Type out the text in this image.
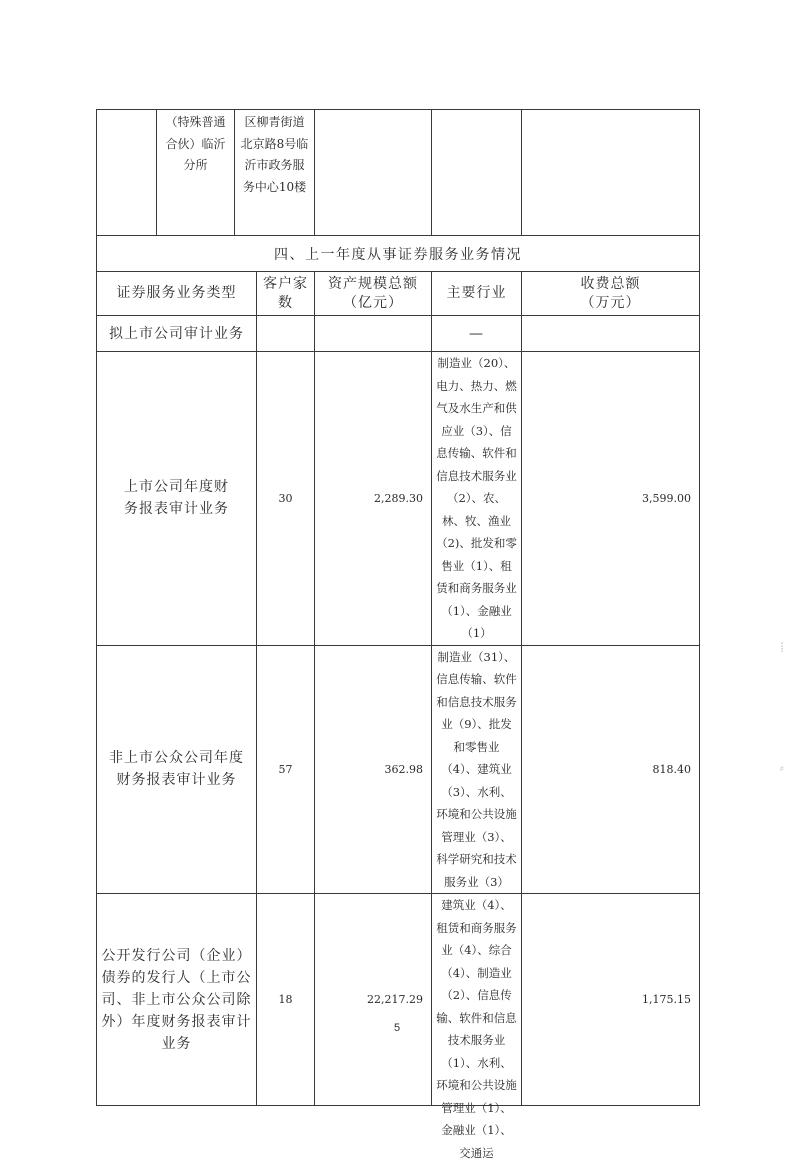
	（特殊普通合伙）临沂分所	区柳青街道北京路8号临沂市政务服务中心10楼				
四、上一年度从事证券服务业务情况						
证券服务业务类型			客户家数	资产规模总额（亿元）	主要行业	收费总额（万元）
拟上市公司审计业务					—	
上市公司年度财务报表审计业务			30	2,289.30	制造业（20）、电力、热力、燃气及水生产和供应业（3）、信息传输、软件和信息技术服务业（2）、农、林、牧、渔业（2)、批发和零售业（1）、租赁和商务服务业（1）、金融业（1）	3,599.00
非上市公众公司年度财务报表审计业务			57	362.98	制造业（31）、信息传输、软件和信息技术服务业（9）、批发和零售业（4）、建筑业（3）、水利、环境和公共设施管理业（3）、科学研究和技术服务业（3）	818.40
公开发行公司（企业）债券的发行人（上市公司、非上市公众公司除外）年度财务报表审计业务			18	22,217.29	建筑业（4）、租赁和商务服务业（4）、综合（4）、制造业（2）、信息传输、软件和信息技术服务业（1）、水利、环境和公共设施管理业（1）、金融业（1）、交通运	1,175.15
5
⁞
⸗
